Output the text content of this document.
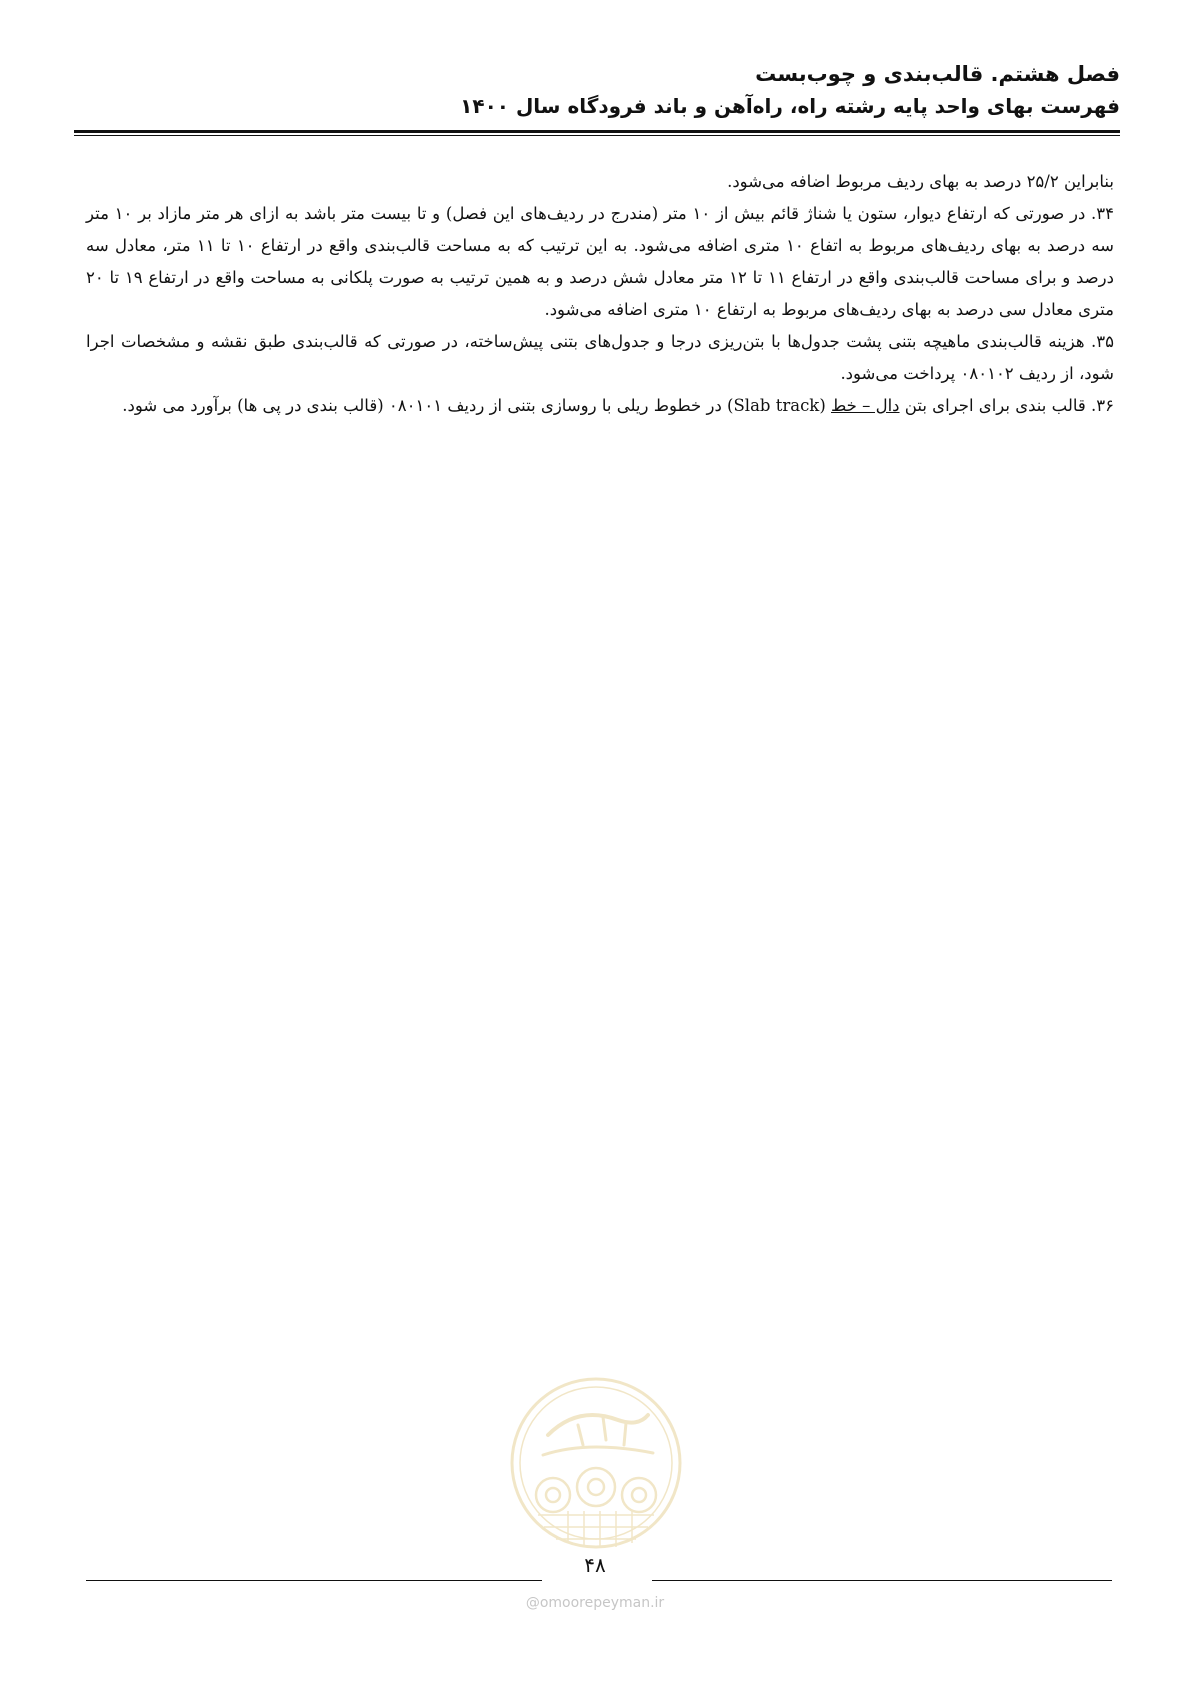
فصل هشتم. قالب‌بندی و چوب‌بست
فهرست بهای واحد پایه رشته راه، راه‌آهن و باند فرودگاه سال ۱۴۰۰

بنابراین ۲۵/۲ درصد به بهای ردیف مربوط اضافه می‌شود.

۳۴. در صورتی که ارتفاع دیوار، ستون یا شناژ قائم بیش از ۱۰ متر (مندرج در ردیف‌های این فصل) و تا بیست متر باشد به ازای هر متر مازاد بر ۱۰ متر سه درصد به بهای ردیف‌های مربوط به اتفاع ۱۰ متری اضافه می‌شود. به این ترتیب که به مساحت قالب‌بندی واقع در ارتفاع ۱۰ تا ۱۱ متر، معادل سه درصد و برای مساحت قالب‌بندی واقع در ارتفاع ۱۱ تا ۱۲ متر معادل شش درصد و به همین ترتیب به صورت پلکانی به مساحت واقع در ارتفاع ۱۹ تا ۲۰ متری معادل سی درصد به بهای ردیف‌های مربوط به ارتفاع ۱۰ متری اضافه می‌شود.

۳۵. هزینه قالب‌بندی ماهیچه بتنی پشت جدول‌ها با بتن‌ریزی درجا و جدول‌های بتنی پیش‌ساخته، در صورتی که قالب‌بندی طبق نقشه و مشخصات اجرا شود، از ردیف ۰۸۰۱۰۲ پرداخت می‌شود.

۳۶. قالب بندی برای اجرای بتن دال – خط (Slab track) در خطوط ریلی با روسازی بتنی از ردیف ۰۸۰۱۰۱ (قالب بندی در پی ها) برآورد می شود.

۴۸
@omoorepeyman.ir
